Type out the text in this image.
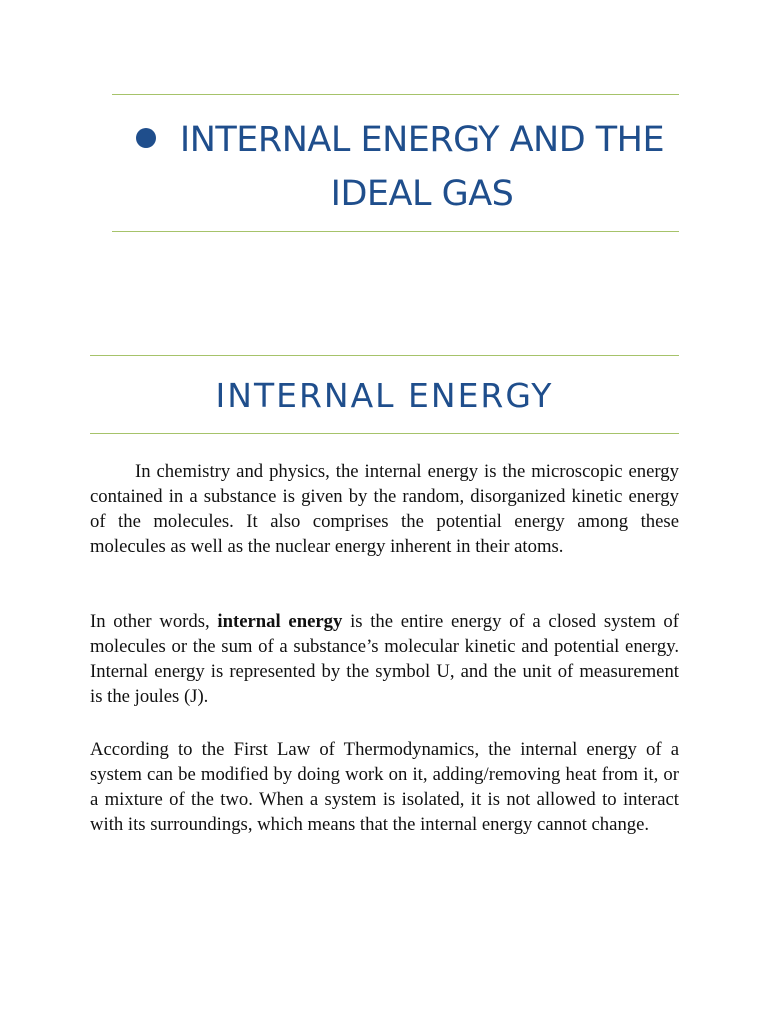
INTERNAL ENERGY AND THE IDEAL GAS
INTERNAL ENERGY

In chemistry and physics, the internal energy is the microscopic energy contained in a substance is given by the random, disorganized kinetic energy of the molecules. It also comprises the potential energy among these molecules as well as the nuclear energy inherent in their atoms.

In other words, internal energy is the entire energy of a closed system of molecules or the sum of a substance’s molecular kinetic and potential energy. Internal energy is represented by the symbol U, and the unit of measurement is the joules (J).

According to the First Law of Thermodynamics, the internal energy of a system can be modified by doing work on it, adding/removing heat from it, or a mixture of the two. When a system is isolated, it is not allowed to interact with its surroundings, which means that the internal energy cannot change.
